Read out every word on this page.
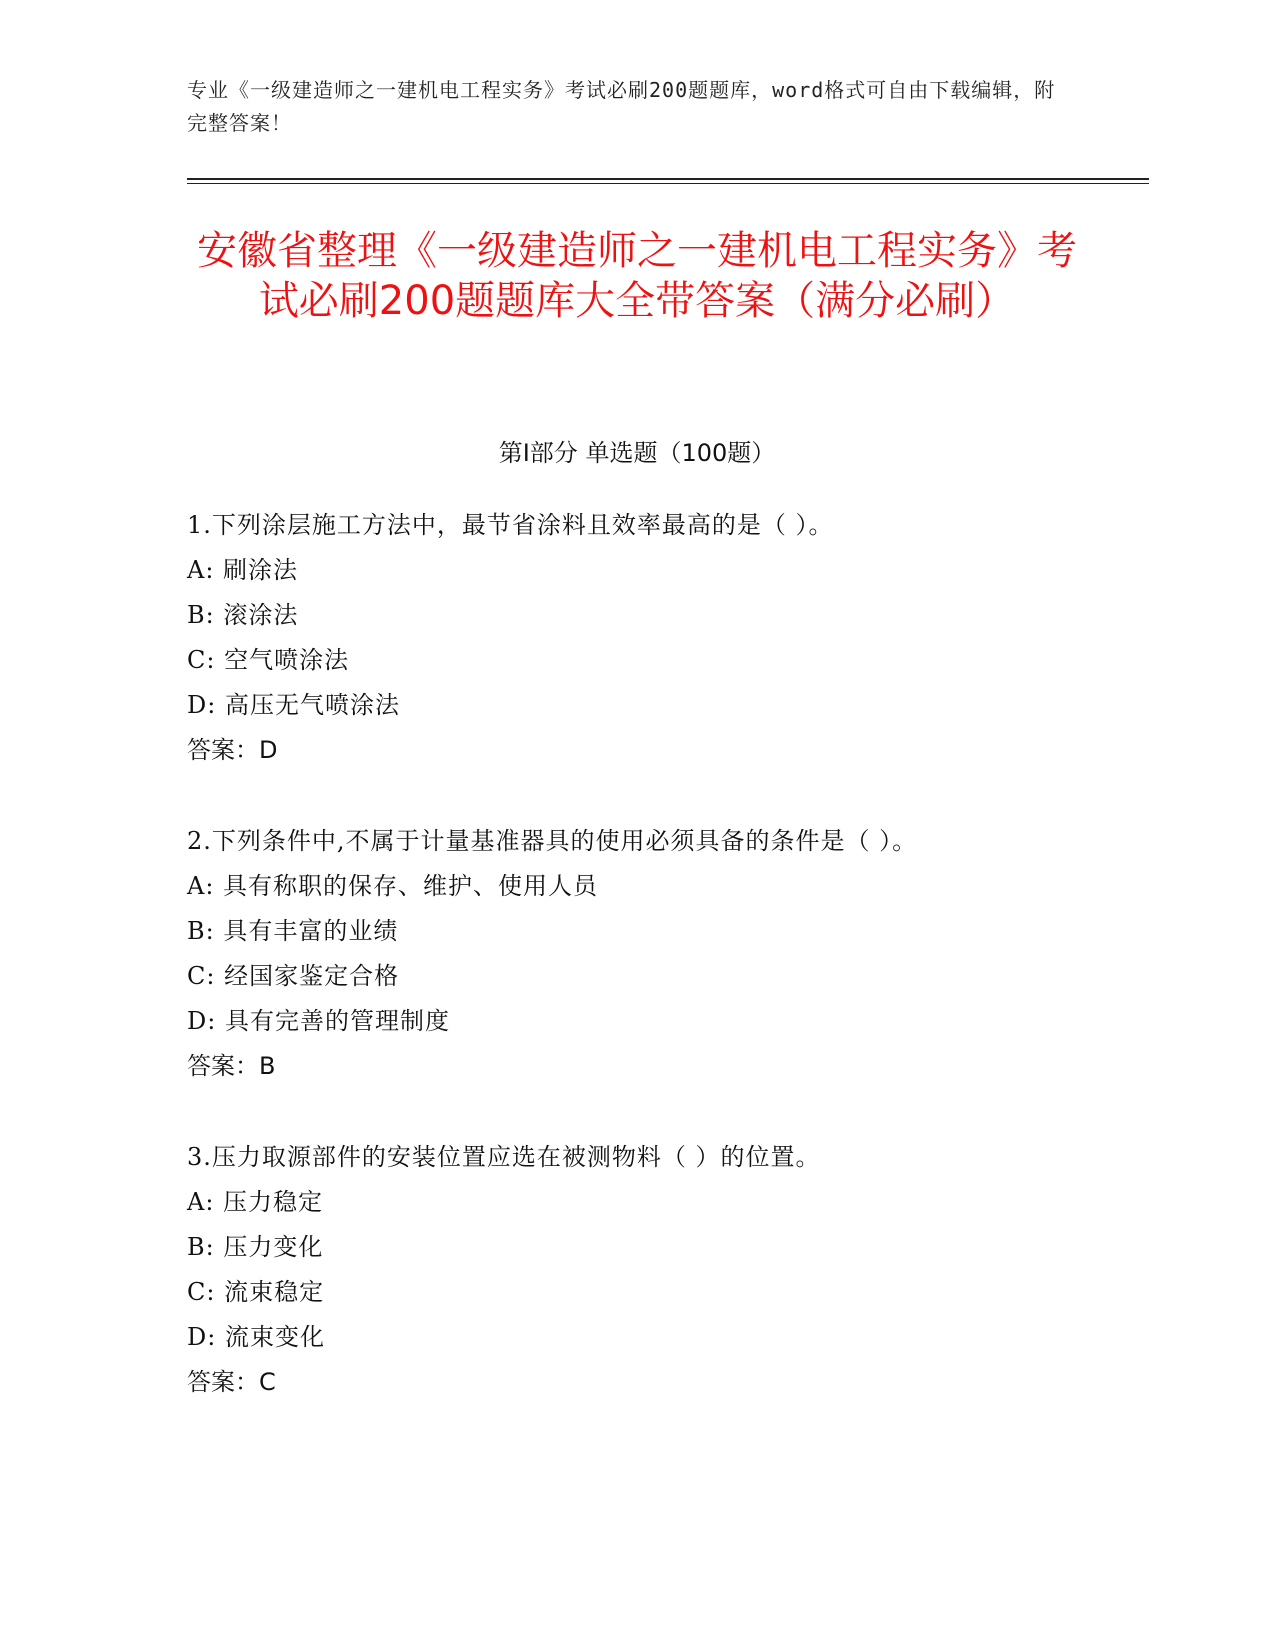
专业《一级建造师之一建机电工程实务》考试必刷200题题库，word格式可自由下载编辑，附完整答案！
安徽省整理《一级建造师之一建机电工程实务》考试必刷200题题库大全带答案（满分必刷）
第I部分 单选题（100题）
1.下列涂层施工方法中，最节省涂料且效率最高的是（ ）。
A: 刷涂法
B: 滚涂法
C: 空气喷涂法
D: 高压无气喷涂法
答案：D
2.下列条件中,不属于计量基准器具的使用必须具备的条件是（ ）。
A: 具有称职的保存、维护、使用人员
B: 具有丰富的业绩
C: 经国家鉴定合格
D: 具有完善的管理制度
答案：B
3.压力取源部件的安装位置应选在被测物料（ ）的位置。
A: 压力稳定
B: 压力变化
C: 流束稳定
D: 流束变化
答案：C
